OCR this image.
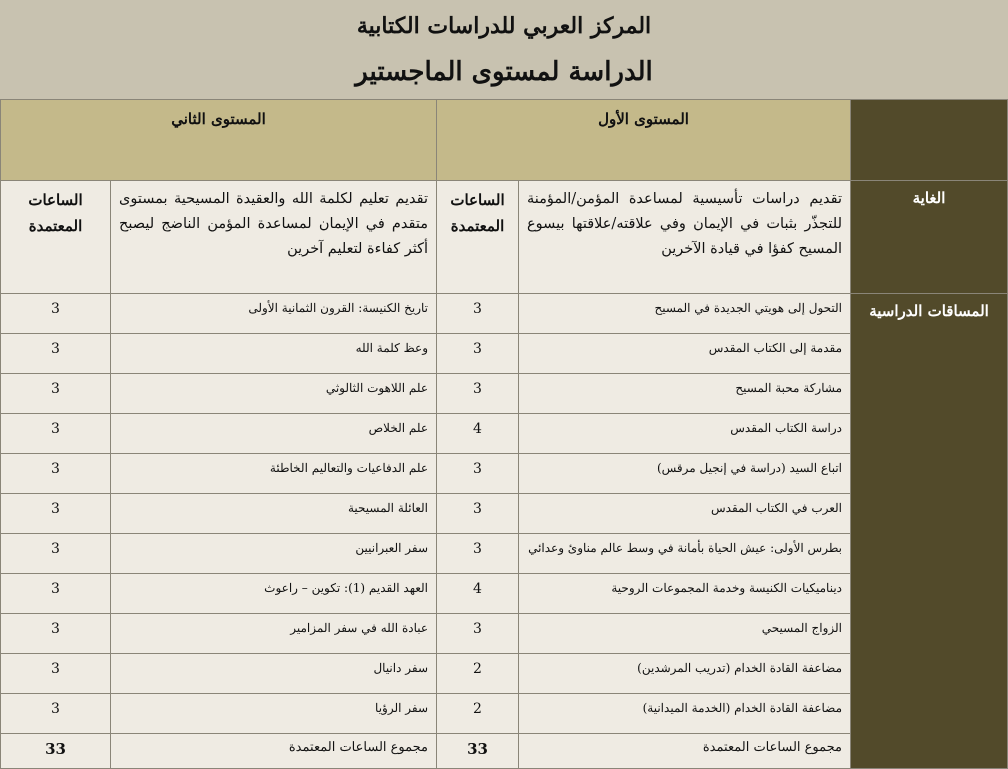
المركز العربي للدراسات الكتابية
الدراسة لمستوى الماجستير
	المستوى الأول		المستوى الثاني	
الغاية	تقديم دراسات تأسيسية لمساعدة المؤمن/المؤمنة للتجذّر بثبات في الإيمان وفي علاقته/علاقتها بيسوع المسيح كفؤا في قيادة الآخرين	الساعات المعتمدة	تقديم تعليم لكلمة الله والعقيدة المسيحية بمستوى متقدم في الإيمان لمساعدة المؤمن الناضج ليصبح أكثر كفاءة لتعليم آخرين	الساعات المعتمدة
المساقات الدراسية	التحول إلى هويتي الجديدة في المسيح	3	تاريخ الكنيسة: القرون الثمانية الأولى	3
	مقدمة إلى الكتاب المقدس	3	وعظ كلمة الله	3
	مشاركة محبة المسيح	3	علم اللاهوت الثالوثي	3
	دراسة الكتاب المقدس	4	علم الخلاص	3
	اتباع السيد (دراسة في إنجيل مرقس)	3	علم الدفاعيات والتعاليم الخاطئة	3
	العرب في الكتاب المقدس	3	العائلة المسيحية	3
	بطرس الأولى: عيش الحياة بأمانة في وسط عالم مناوئ وعدائي	3	سفر العبرانيين	3
	ديناميكيات الكنيسة وخدمة المجموعات الروحية	4	العهد القديم (1): تكوين – راعوث	3
	الزواج المسيحي	3	عبادة الله في سفر المزامير	3
	مضاعفة القادة الخدام (تدريب المرشدين)	2	سفر دانيال	3
	مضاعفة القادة الخدام (الخدمة الميدانية)	2	سفر الرؤيا	3
	مجموع الساعات المعتمدة	33	مجموع الساعات المعتمدة	33
